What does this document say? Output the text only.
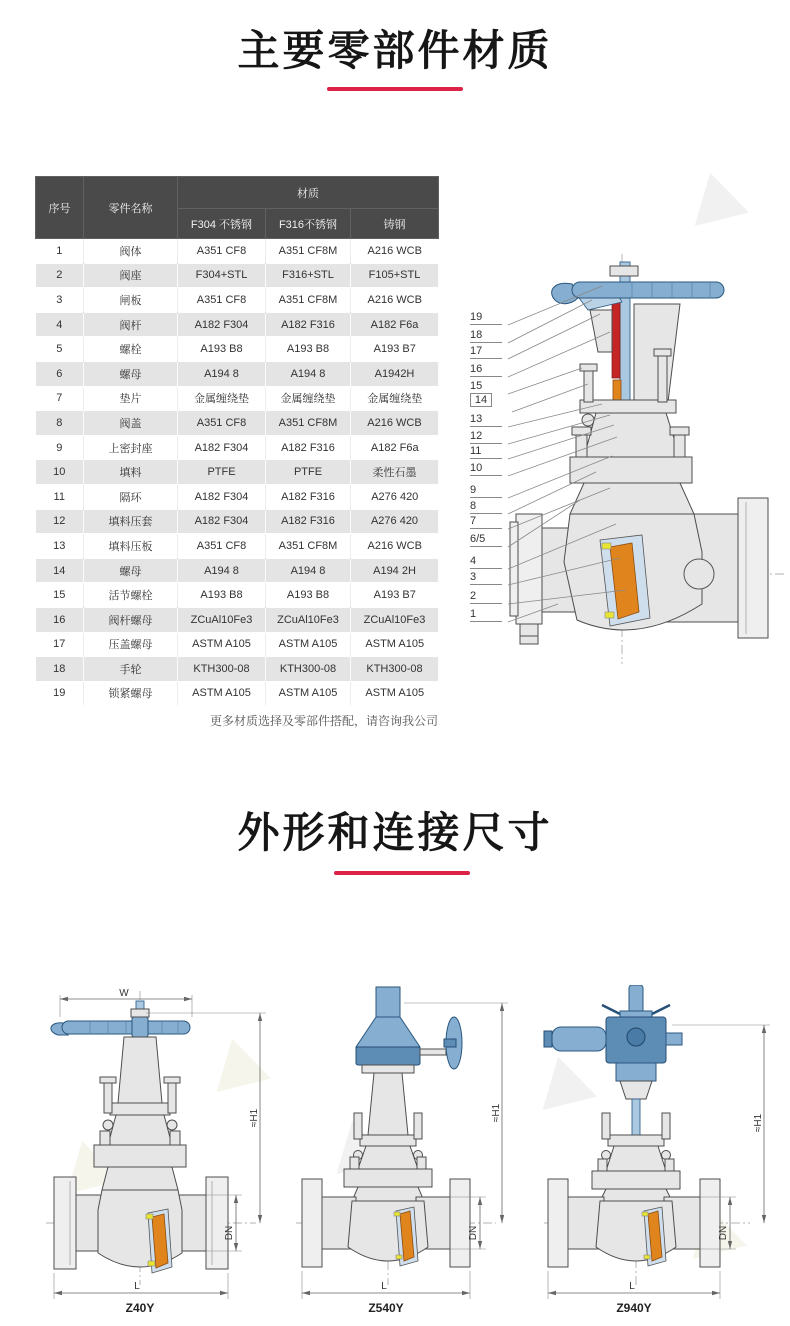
主要零部件材质
序号	零件名称	材质		
		F304 不锈钢	F316不锈钢	铸钢
1	阀体	A351 CF8	A351 CF8M	A216 WCB
2	阀座	F304+STL	F316+STL	F105+STL
3	闸板	A351 CF8	A351 CF8M	A216 WCB
4	阀杆	A182 F304	A182 F316	A182 F6a
5	螺栓	A193 B8	A193 B8	A193 B7
6	螺母	A194 8	A194 8	A1942H
7	垫片	金属缠绕垫	金属缠绕垫	金属缠绕垫
8	阀盖	A351 CF8	A351 CF8M	A216 WCB
9	上密封座	A182 F304	A182 F316	A182 F6a
10	填料	PTFE	PTFE	柔性石墨
11	隔环	A182 F304	A182 F316	A276 420
12	填料压套	A182 F304	A182 F316	A276 420
13	填料压板	A351 CF8	A351 CF8M	A216 WCB
14	螺母	A194 8	A194 8	A194 2H
15	活节螺栓	A193 B8	A193 B8	A193 B7
16	阀杆螺母	ZCuAl10Fe3	ZCuAl10Fe3	ZCuAl10Fe3
17	压盖螺母	ASTM A105	ASTM A105	ASTM A105
18	手轮	KTH300-08	KTH300-08	KTH300-08
19	锁紧螺母	ASTM A105	ASTM A105	ASTM A105
更多材质选择及零部件搭配，请咨询我公司
19
18
17
16
15
14
13
12
11
10
9
8
7
6/5
4
3
2
1
外形和连接尺寸
W
DN
≈H1
L
Z40Y
DN
≈H1
L
Z540Y
DN
≈H1
L
Z940Y
